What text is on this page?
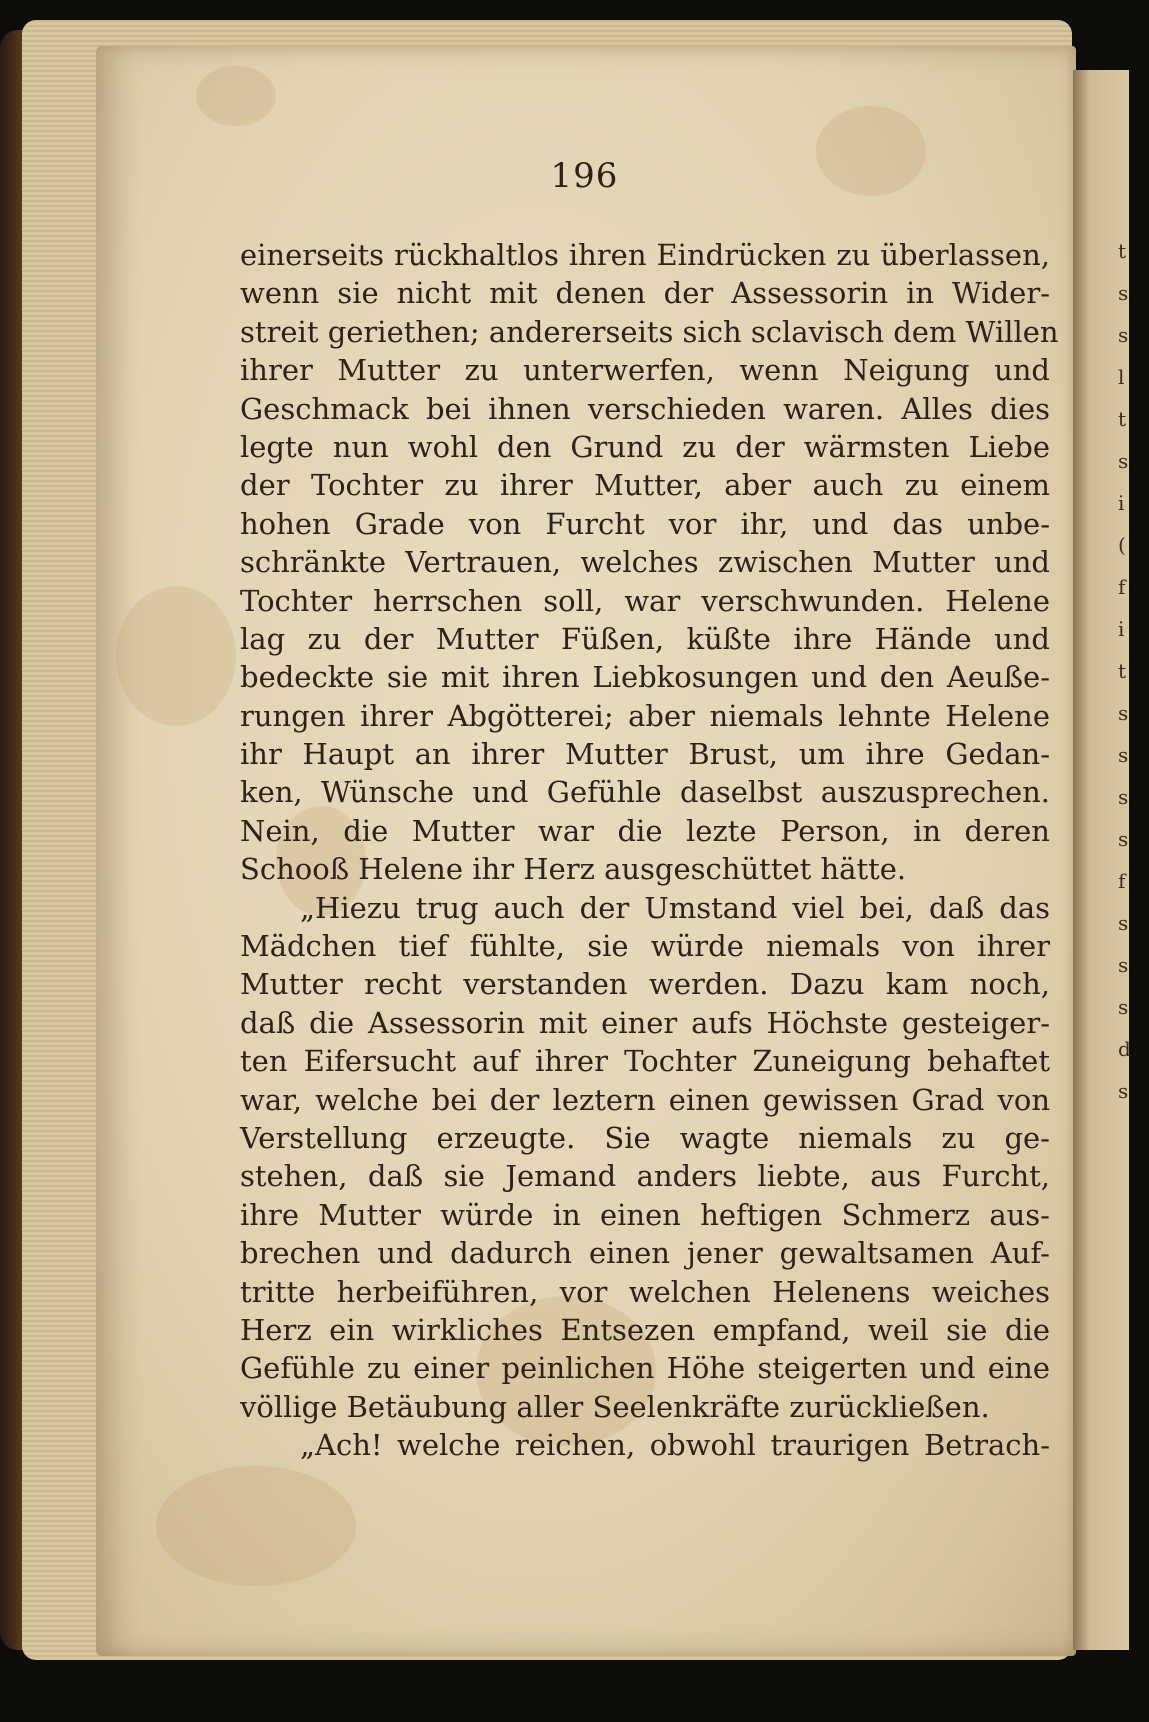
t
s
s
l
t
s
i
(
f
i
t
s
s
s
s
f
s
s
s
d
s
196
einerseits rückhaltlos ihren Eindrücken zu überlassen,
wenn sie nicht mit denen der Assessorin in Wider-
streit geriethen; andererseits sich sclavisch dem Willen
ihrer Mutter zu unterwerfen, wenn Neigung und
Geschmack bei ihnen verschieden waren. Alles dies
legte nun wohl den Grund zu der wärmsten Liebe
der Tochter zu ihrer Mutter, aber auch zu einem
hohen Grade von Furcht vor ihr, und das unbe-
schränkte Vertrauen, welches zwischen Mutter und
Tochter herrschen soll, war verschwunden. Helene
lag zu der Mutter Füßen, küßte ihre Hände und
bedeckte sie mit ihren Liebkosungen und den Aeuße-
rungen ihrer Abgötterei; aber niemals lehnte Helene
ihr Haupt an ihrer Mutter Brust, um ihre Gedan-
ken, Wünsche und Gefühle daselbst auszusprechen.
Nein, die Mutter war die lezte Person, in deren
Schooß Helene ihr Herz ausgeschüttet hätte.
„Hiezu trug auch der Umstand viel bei, daß das
Mädchen tief fühlte, sie würde niemals von ihrer
Mutter recht verstanden werden. Dazu kam noch,
daß die Assessorin mit einer aufs Höchste gesteiger-
ten Eifersucht auf ihrer Tochter Zuneigung behaftet
war, welche bei der leztern einen gewissen Grad von
Verstellung erzeugte. Sie wagte niemals zu ge-
stehen, daß sie Jemand anders liebte, aus Furcht,
ihre Mutter würde in einen heftigen Schmerz aus-
brechen und dadurch einen jener gewaltsamen Auf-
tritte herbeiführen, vor welchen Helenens weiches
Herz ein wirkliches Entsezen empfand, weil sie die
Gefühle zu einer peinlichen Höhe steigerten und eine
völlige Betäubung aller Seelenkräfte zurückließen.
„Ach! welche reichen, obwohl traurigen Betrach-
